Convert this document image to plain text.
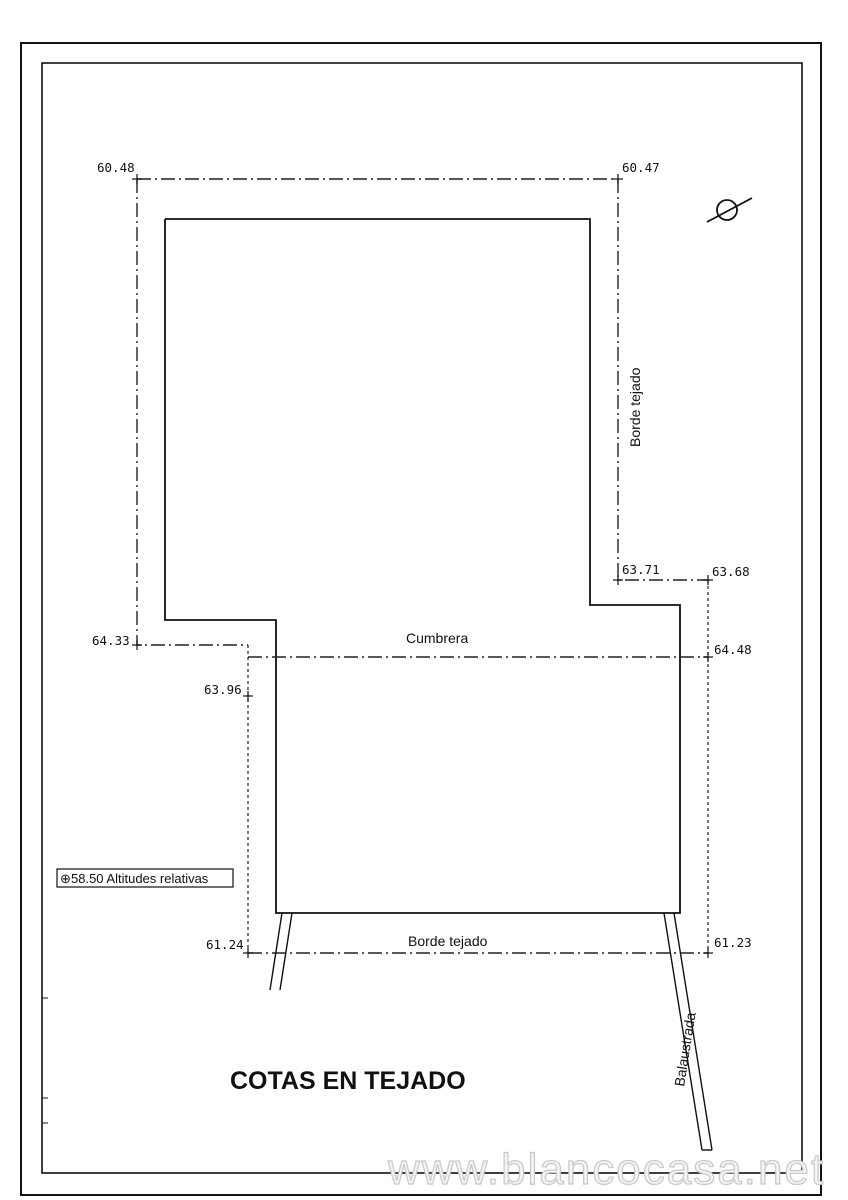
60.48	60.47
63.71	63.68
64.33
64.48
63.96
61.24	61.23
Borde tejado
Cumbrera
Borde tejado
Balaustrada
⊕ 58.50 Altitudes relativas
COTAS EN TEJADO
www.blancocasa.net
